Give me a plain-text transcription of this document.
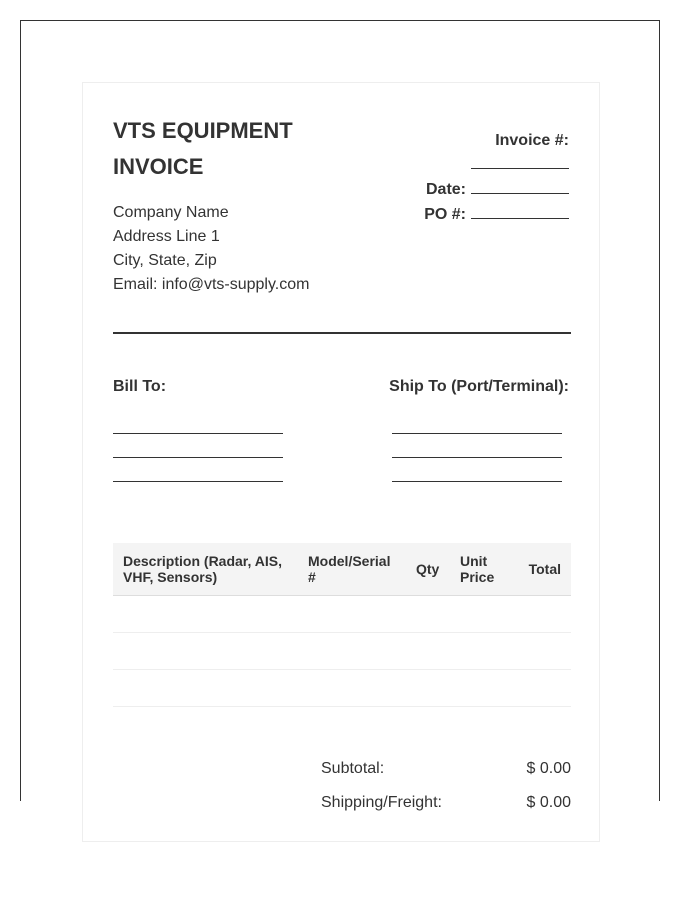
VTS EQUIPMENT INVOICE
Company Name
Address Line 1
City, State, Zip
Email: info@vts-supply.com
Invoice #:
Date:
PO #:
Bill To:	Ship To (Port/Terminal):
Description (Radar, AIS, VHF, Sensors)	Model/Serial #	Qty	Unit Price	Total

Subtotal:	$ 0.00
Shipping/Freight:	$ 0.00
